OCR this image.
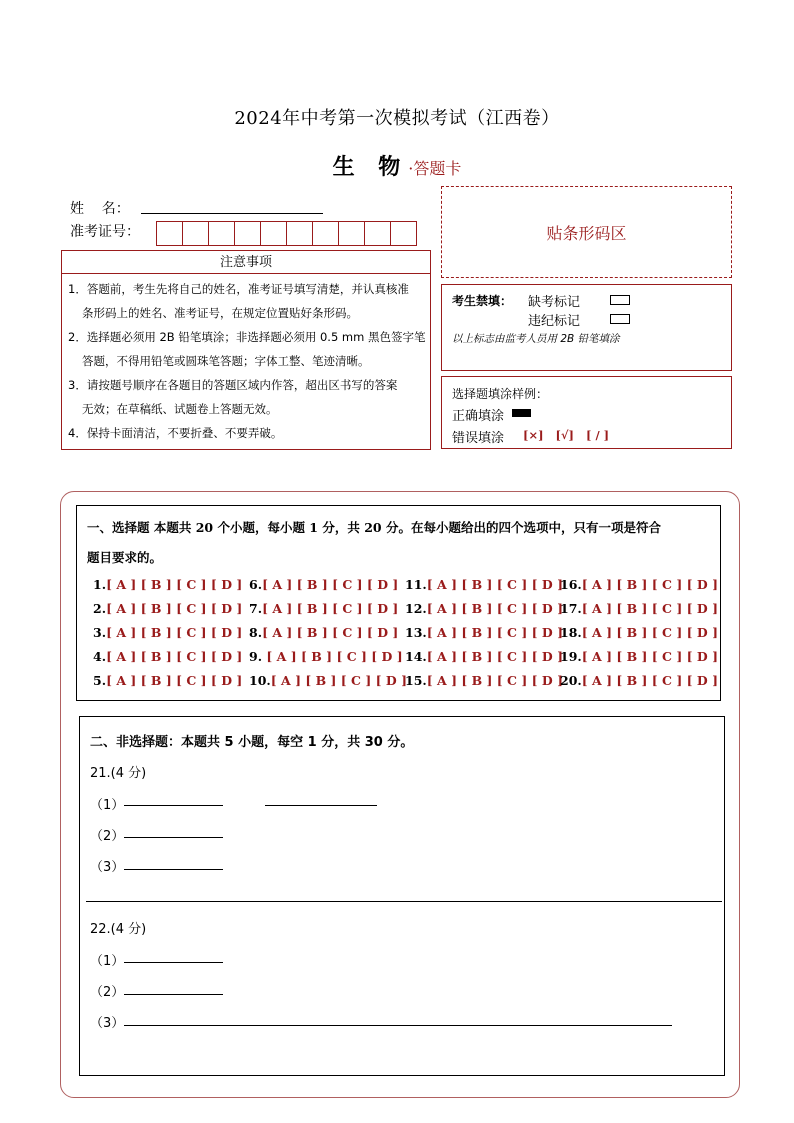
2024年中考第一次模拟考试（江西卷）
生 物·答题卡
姓    名：
准考证号：	贴条形码区
注意事项
1．答题前，考生先将自己的姓名，准考证号填写清楚，并认真核准
条形码上的姓名、准考证号，在规定位置贴好条形码。
2．选择题必须用 2B 铅笔填涂；非选择题必须用 0.5 mm 黑色签字笔
答题，不得用铅笔或圆珠笔答题；字体工整、笔迹清晰。
3．请按题号顺序在各题目的答题区域内作答，超出区书写的答案
无效；在草稿纸、试题卷上答题无效。
4．保持卡面清洁，不要折叠、不要弄破。
考生禁填： 缺考标记
违纪标记
以上标志由监考人员用 2B 铅笔填涂
选择题填涂样例：
正确填涂
错误填涂 [×] [√] [ / ]
一、选择题 本题共 20 个小题，每小题 1 分，共 20 分。在每小题给出的四个选项中，只有一项是符合
题目要求的。
1.[ A ] [ B ] [ C ] [ D ]
2.[ A ] [ B ] [ C ] [ D ]
3.[ A ] [ B ] [ C ] [ D ]
4.[ A ] [ B ] [ C ] [ D ]
5.[ A ] [ B ] [ C ] [ D ]
6.[ A ] [ B ] [ C ] [ D ]
7.[ A ] [ B ] [ C ] [ D ]
8.[ A ] [ B ] [ C ] [ D ]
9. [ A ] [ B ] [ C ] [ D ]
10.[ A ] [ B ] [ C ] [ D ]
11.[ A ] [ B ] [ C ] [ D ]
12.[ A ] [ B ] [ C ] [ D ]
13.[ A ] [ B ] [ C ] [ D ]
14.[ A ] [ B ] [ C ] [ D ]
15.[ A ] [ B ] [ C ] [ D ]
16.[ A ] [ B ] [ C ] [ D ]
17.[ A ] [ B ] [ C ] [ D ]
18.[ A ] [ B ] [ C ] [ D ]
19.[ A ] [ B ] [ C ] [ D ]
20.[ A ] [ B ] [ C ] [ D ]
二、非选择题：本题共 5 小题，每空 1 分，共 30 分。
21.(4 分)
（1）
（2）
（3）
22.(4 分)
（1）
（2）
（3）
